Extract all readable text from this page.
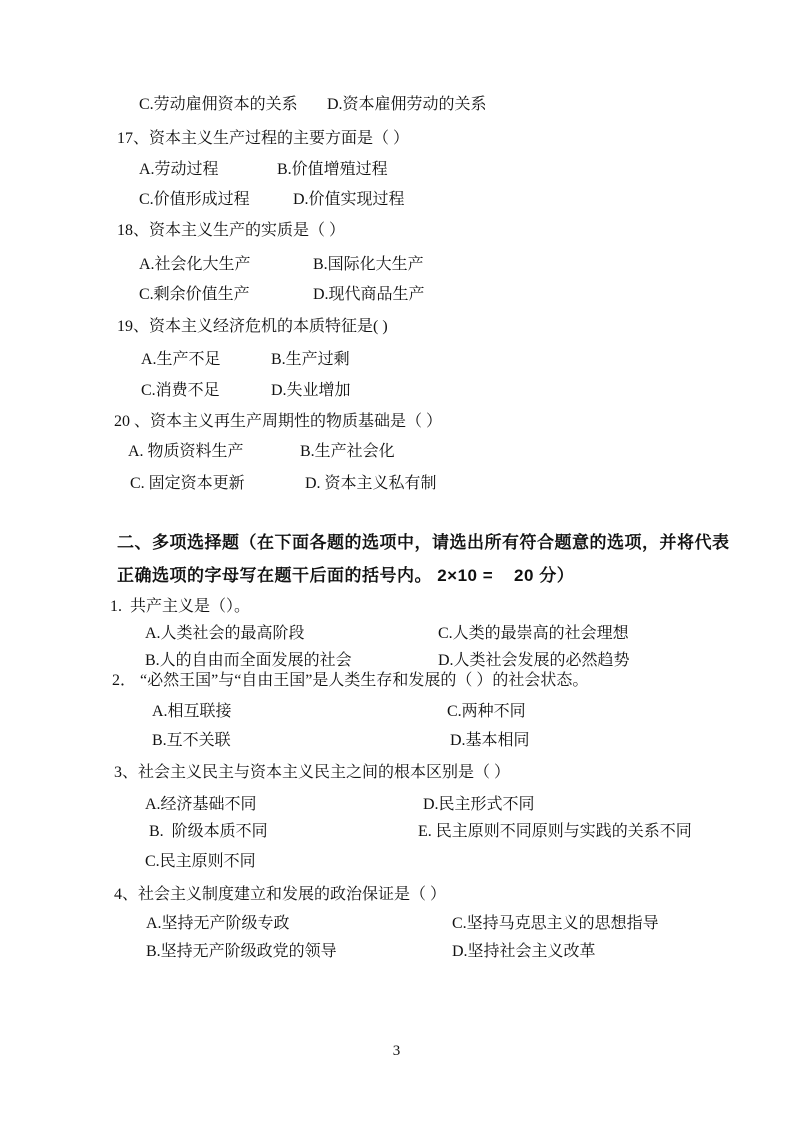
C.劳动雇佣资本的关系 D.资本雇佣劳动的关系
17、资本主义生产过程的主要方面是（ ）
A.劳动过程	B.价值增殖过程
C.价值形成过程	D.价值实现过程
18、资本主义生产的实质是（ ）
A.社会化大生产	B.国际化大生产
C.剩余价值生产	D.现代商品生产
19、资本主义经济危机的本质特征是( )
A.生产不足	B.生产过剩
C.消费不足	D.失业增加
20 、资本主义再生产周期性的物质基础是（ ）
A. 物质资料生产	B.生产社会化
C. 固定资本更新	D. 资本主义私有制
二、多项选择题（在下面各题的选项中，请选出所有符合题意的选项，并将代表
正确选项的字母写在题干后面的括号内。 2×10 =    20 分）
1.  共产主义是（）。
A.人类社会的最高阶段	C.人类的最崇高的社会理想
B.人的自由而全面发展的社会	D.人类社会发展的必然趋势
2． “必然王国”与“自由王国”是人类生存和发展的（ ）的社会状态。
A.相互联接	C.两种不同
B.互不关联	D.基本相同
3、社会主义民主与资本主义民主之间的根本区别是（ ）
A.经济基础不同	D.民主形式不同
B.  阶级本质不同	E. 民主原则不同原则与实践的关系不同
C.民主原则不同
4、社会主义制度建立和发展的政治保证是（ ）
A.坚持无产阶级专政	C.坚持马克思主义的思想指导
B.坚持无产阶级政党的领导	D.坚持社会主义改革
3
